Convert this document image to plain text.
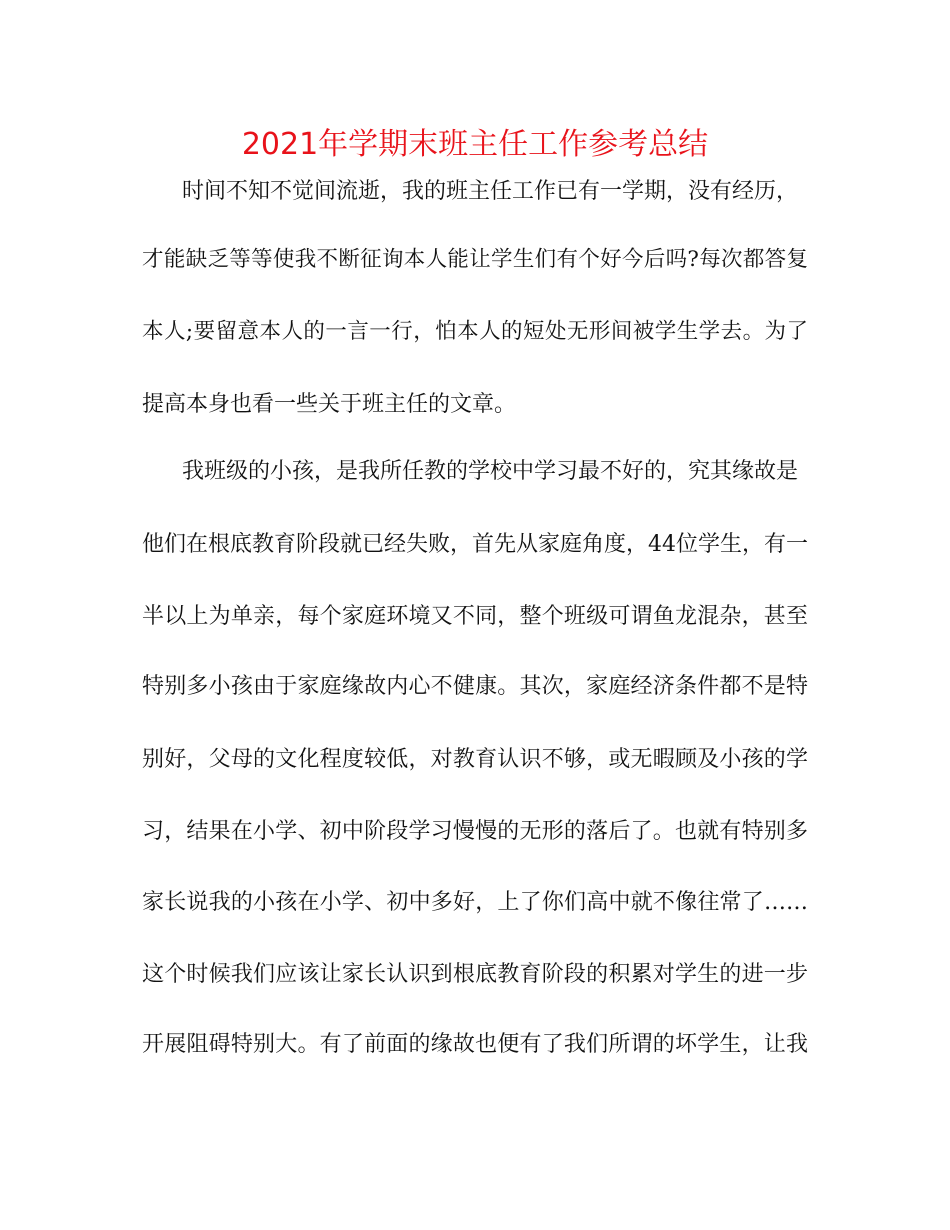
2021年学期末班主任工作参考总结
时间不知不觉间流逝，我的班主任工作已有一学期，没有经历，
才能缺乏等等使我不断征询本人能让学生们有个好今后吗?每次都答复
本人;要留意本人的一言一行，怕本人的短处无形间被学生学去。为了
提高本身也看一些关于班主任的文章。
我班级的小孩，是我所任教的学校中学习最不好的，究其缘故是
他们在根底教育阶段就已经失败，首先从家庭角度，44位学生，有一
半以上为单亲，每个家庭环境又不同，整个班级可谓鱼龙混杂，甚至
特别多小孩由于家庭缘故内心不健康。其次，家庭经济条件都不是特
别好，父母的文化程度较低，对教育认识不够，或无暇顾及小孩的学
习，结果在小学、初中阶段学习慢慢的无形的落后了。也就有特别多
家长说我的小孩在小学、初中多好，上了你们高中就不像往常了……
这个时候我们应该让家长认识到根底教育阶段的积累对学生的进一步
开展阻碍特别大。有了前面的缘故也便有了我们所谓的坏学生，让我
